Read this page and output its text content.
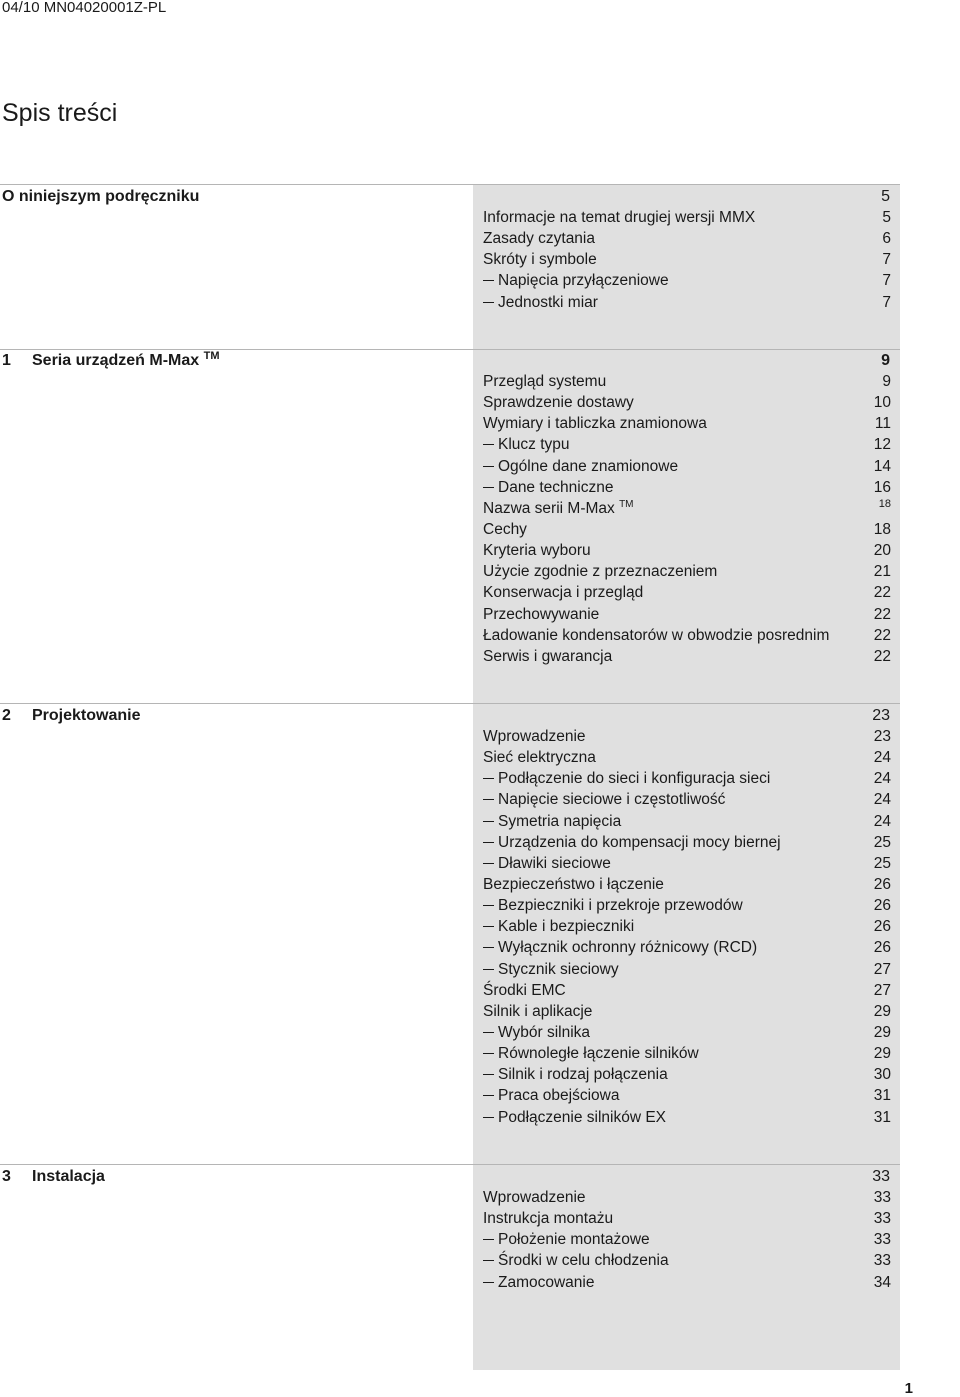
04/10 MN04020001Z-PL
Spis treści
O niniejszym podręczniku	5
Informacje na temat drugiej wersji MMX	5
Zasady czytania	6
Skróty i symbole	7
Napięcia przyłączeniowe	7
Jednostki miar	7
1 Seria urządzeń M-Max ™	9
Przegląd systemu	9
Sprawdzenie dostawy	10
Wymiary i tabliczka znamionowa	11
Klucz typu	12
Ogólne dane znamionowe	14
Dane techniczne	16
Nazwa serii M-Max ™	18
Cechy	18
Kryteria wyboru	20
Użycie zgodnie z przeznaczeniem	21
Konserwacja i przegląd	22
Przechowywanie	22
Ładowanie kondensatorów w obwodzie posrednim	22
Serwis i gwarancja	22
2 Projektowanie	23
Wprowadzenie	23
Sieć elektryczna	24
Podłączenie do sieci i konfiguracja sieci	24
Napięcie sieciowe i częstotliwość	24
Symetria napięcia	24
Urządzenia do kompensacji mocy biernej	25
Dławiki sieciowe	25
Bezpieczeństwo i łączenie	26
Bezpieczniki i przekroje przewodów	26
Kable i bezpieczniki	26
Wyłącznik ochronny różnicowy (RCD)	26
Stycznik sieciowy	27
Środki EMC	27
Silnik i aplikacje	29
Wybór silnika	29
Równoległe łączenie silników	29
Silnik i rodzaj połączenia	30
Praca obejściowa	31
Podłączenie silników EX	31
3 Instalacja	33
Wprowadzenie	33
Instrukcja montażu	33
Położenie montażowe	33
Środki w celu chłodzenia	33
Zamocowanie	34
1
